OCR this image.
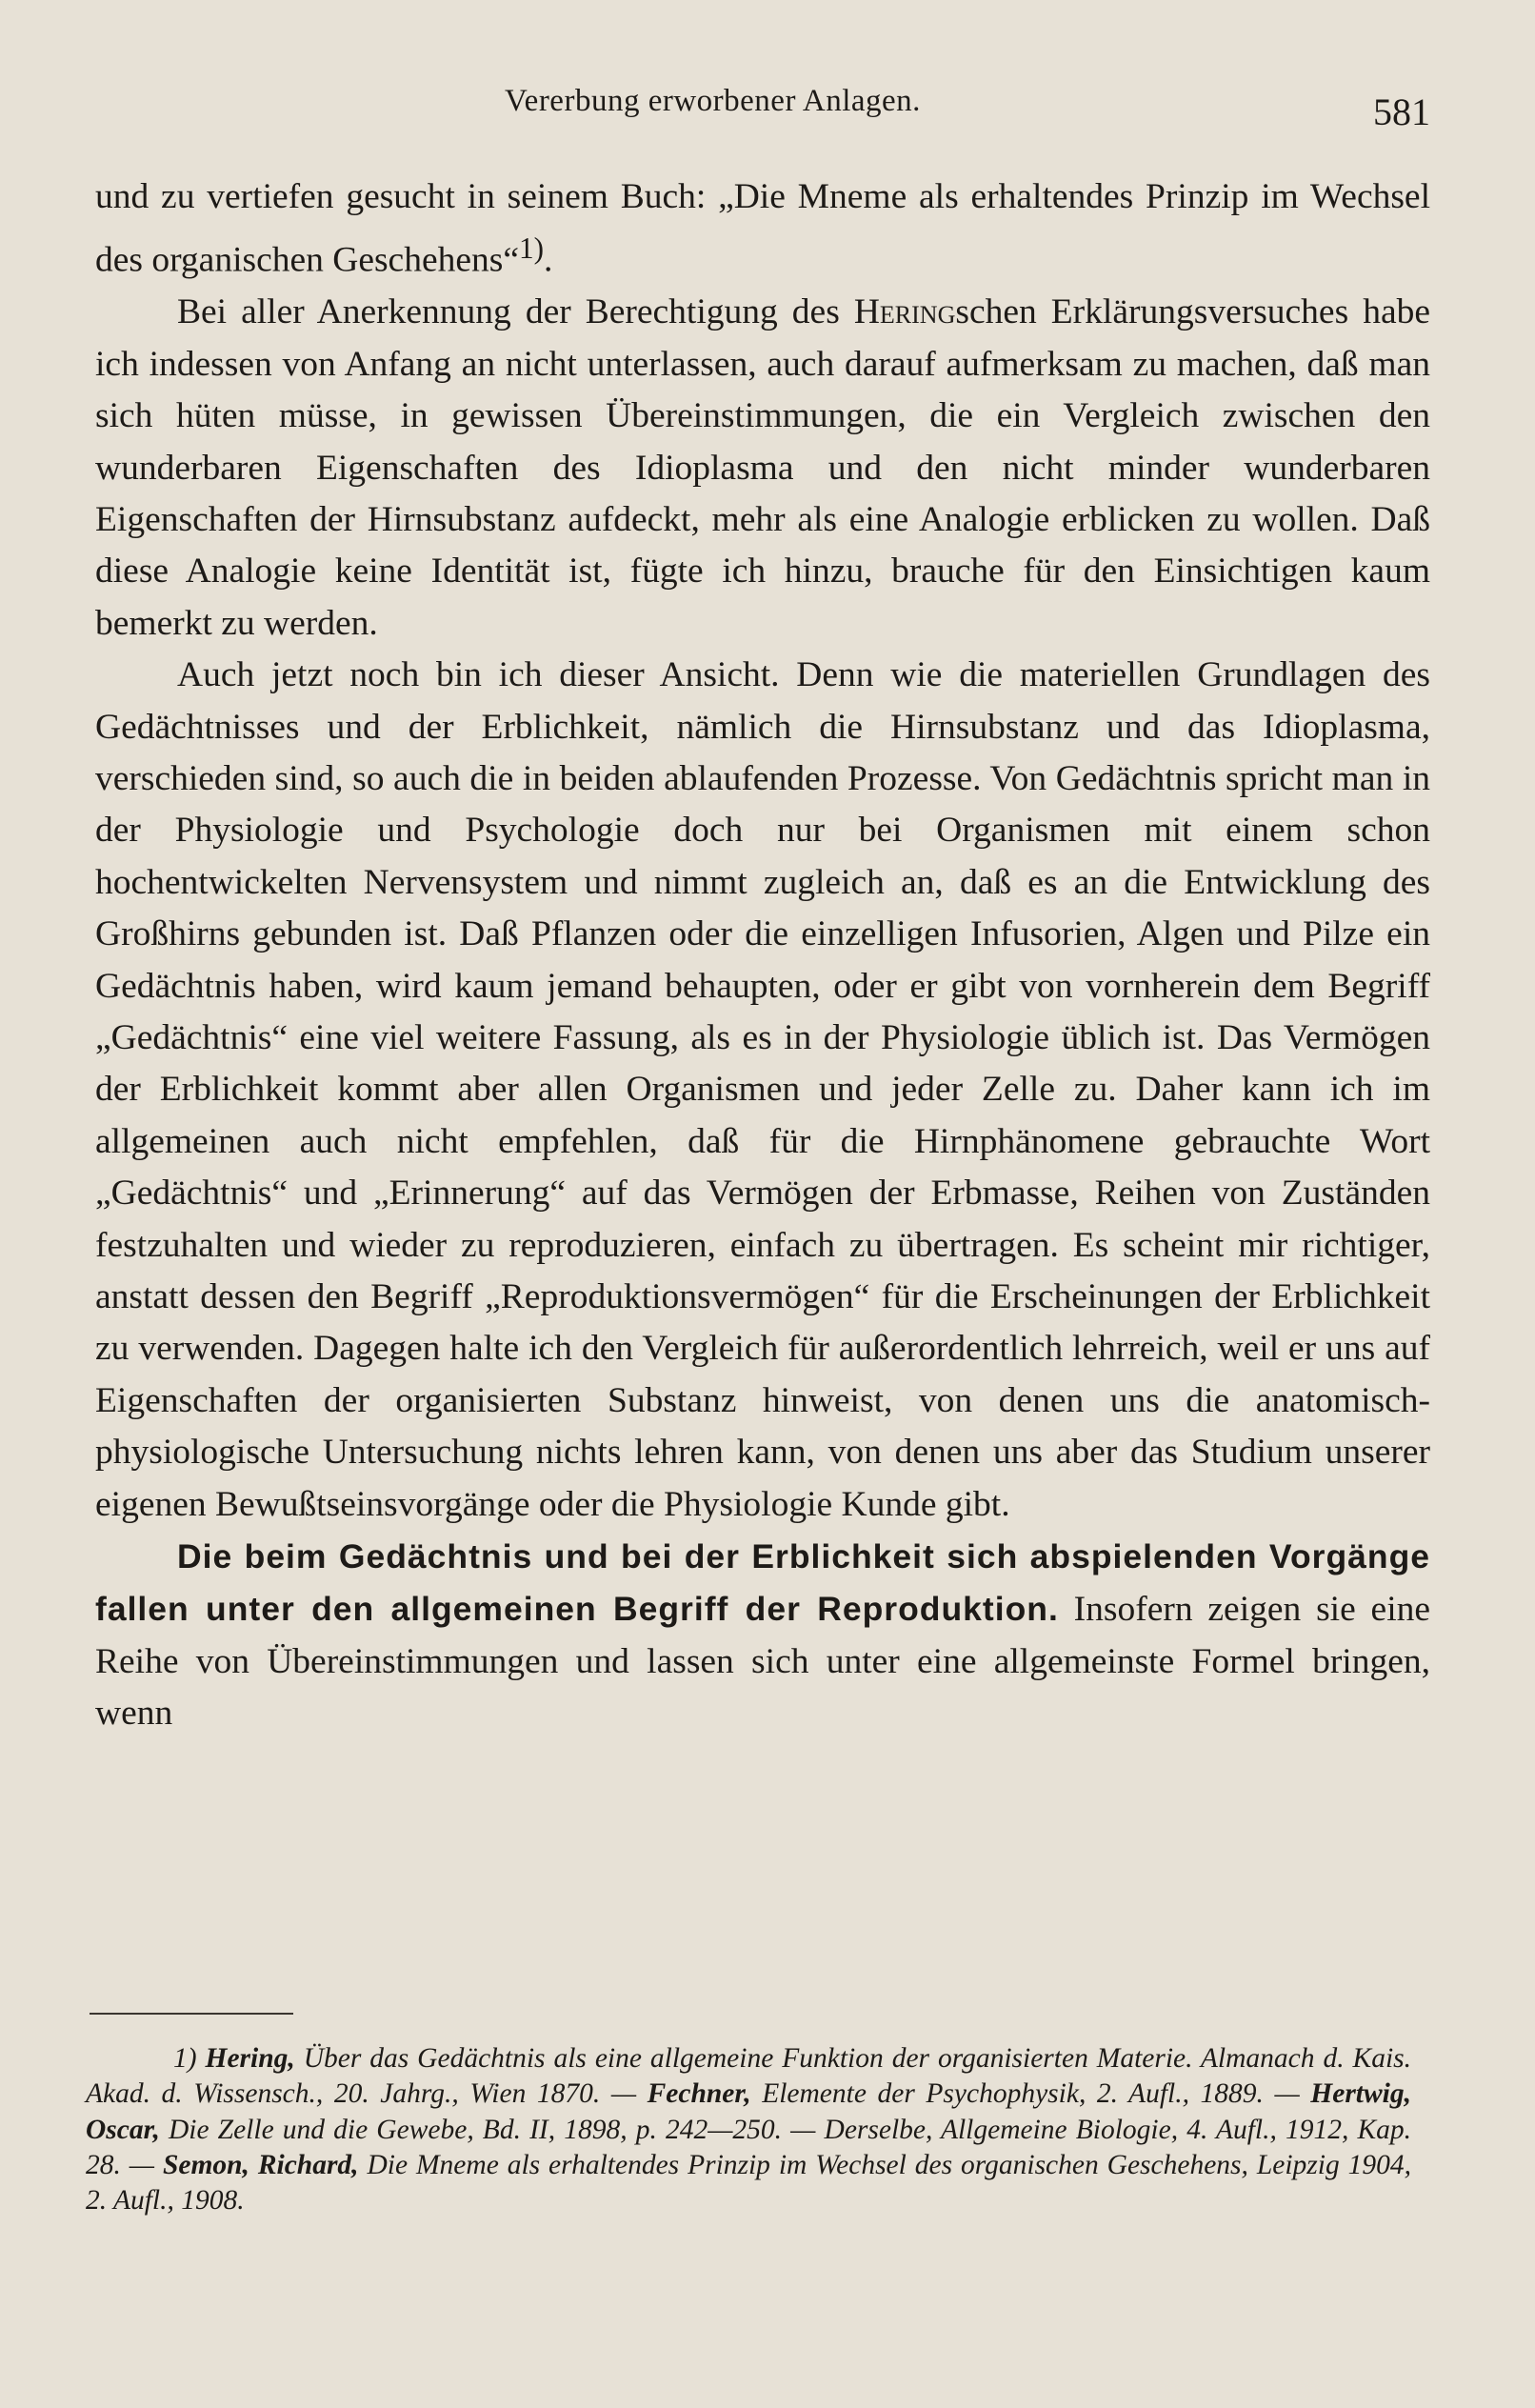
Vererbung erworbener Anlagen.	581

und zu vertiefen gesucht in seinem Buch: „Die Mneme als erhaltendes Prinzip im Wechsel des organischen Geschehens“$^{1)}$.

Bei aller Anerkennung der Berechtigung des Heringschen Erklärungsversuches habe ich indessen von Anfang an nicht unterlassen, auch darauf aufmerksam zu machen, daß man sich hüten müsse, in gewissen Übereinstimmungen, die ein Vergleich zwischen den wunderbaren Eigenschaften des Idioplasma und den nicht minder wunderbaren Eigenschaften der Hirnsubstanz aufdeckt, mehr als eine Analogie erblicken zu wollen. Daß diese Analogie keine Identität ist, fügte ich hinzu, brauche für den Einsichtigen kaum bemerkt zu werden.

Auch jetzt noch bin ich dieser Ansicht. Denn wie die materiellen Grundlagen des Gedächtnisses und der Erblichkeit, nämlich die Hirnsubstanz und das Idioplasma, verschieden sind, so auch die in beiden ablaufenden Prozesse. Von Gedächtnis spricht man in der Physiologie und Psychologie doch nur bei Organismen mit einem schon hochentwickelten Nervensystem und nimmt zugleich an, daß es an die Entwicklung des Großhirns gebunden ist. Daß Pflanzen oder die einzelligen Infusorien, Algen und Pilze ein Gedächtnis haben, wird kaum jemand behaupten, oder er gibt von vornherein dem Begriff „Gedächtnis“ eine viel weitere Fassung, als es in der Physiologie üblich ist. Das Vermögen der Erblichkeit kommt aber allen Organismen und jeder Zelle zu. Daher kann ich im allgemeinen auch nicht empfehlen, daß für die Hirnphänomene gebrauchte Wort „Gedächtnis“ und „Erinnerung“ auf das Vermögen der Erbmasse, Reihen von Zuständen festzuhalten und wieder zu reproduzieren, einfach zu übertragen. Es scheint mir richtiger, anstatt dessen den Begriff „Reproduktionsvermögen“ für die Erscheinungen der Erblichkeit zu verwenden. Dagegen halte ich den Vergleich für außerordentlich lehrreich, weil er uns auf Eigenschaften der organisierten Substanz hinweist, von denen uns die anatomisch-physiologische Untersuchung nichts lehren kann, von denen uns aber das Studium unserer eigenen Bewußtseinsvorgänge oder die Physiologie Kunde gibt.

Die beim Gedächtnis und bei der Erblichkeit sich abspielenden Vorgänge fallen unter den allgemeinen Begriff der Reproduktion. Insofern zeigen sie eine Reihe von Übereinstimmungen und lassen sich unter eine allgemeinste Formel bringen, wenn

1) Hering, Über das Gedächtnis als eine allgemeine Funktion der organisierten Materie. Almanach d. Kais. Akad. d. Wissensch., 20. Jahrg., Wien 1870. — Fechner, Elemente der Psychophysik, 2. Aufl., 1889. — Hertwig, Oscar, Die Zelle und die Gewebe, Bd. II, 1898, p. 242—250. — Derselbe, Allgemeine Biologie, 4. Aufl., 1912, Kap. 28. — Semon, Richard, Die Mneme als erhaltendes Prinzip im Wechsel des organischen Geschehens, Leipzig 1904, 2. Aufl., 1908.
